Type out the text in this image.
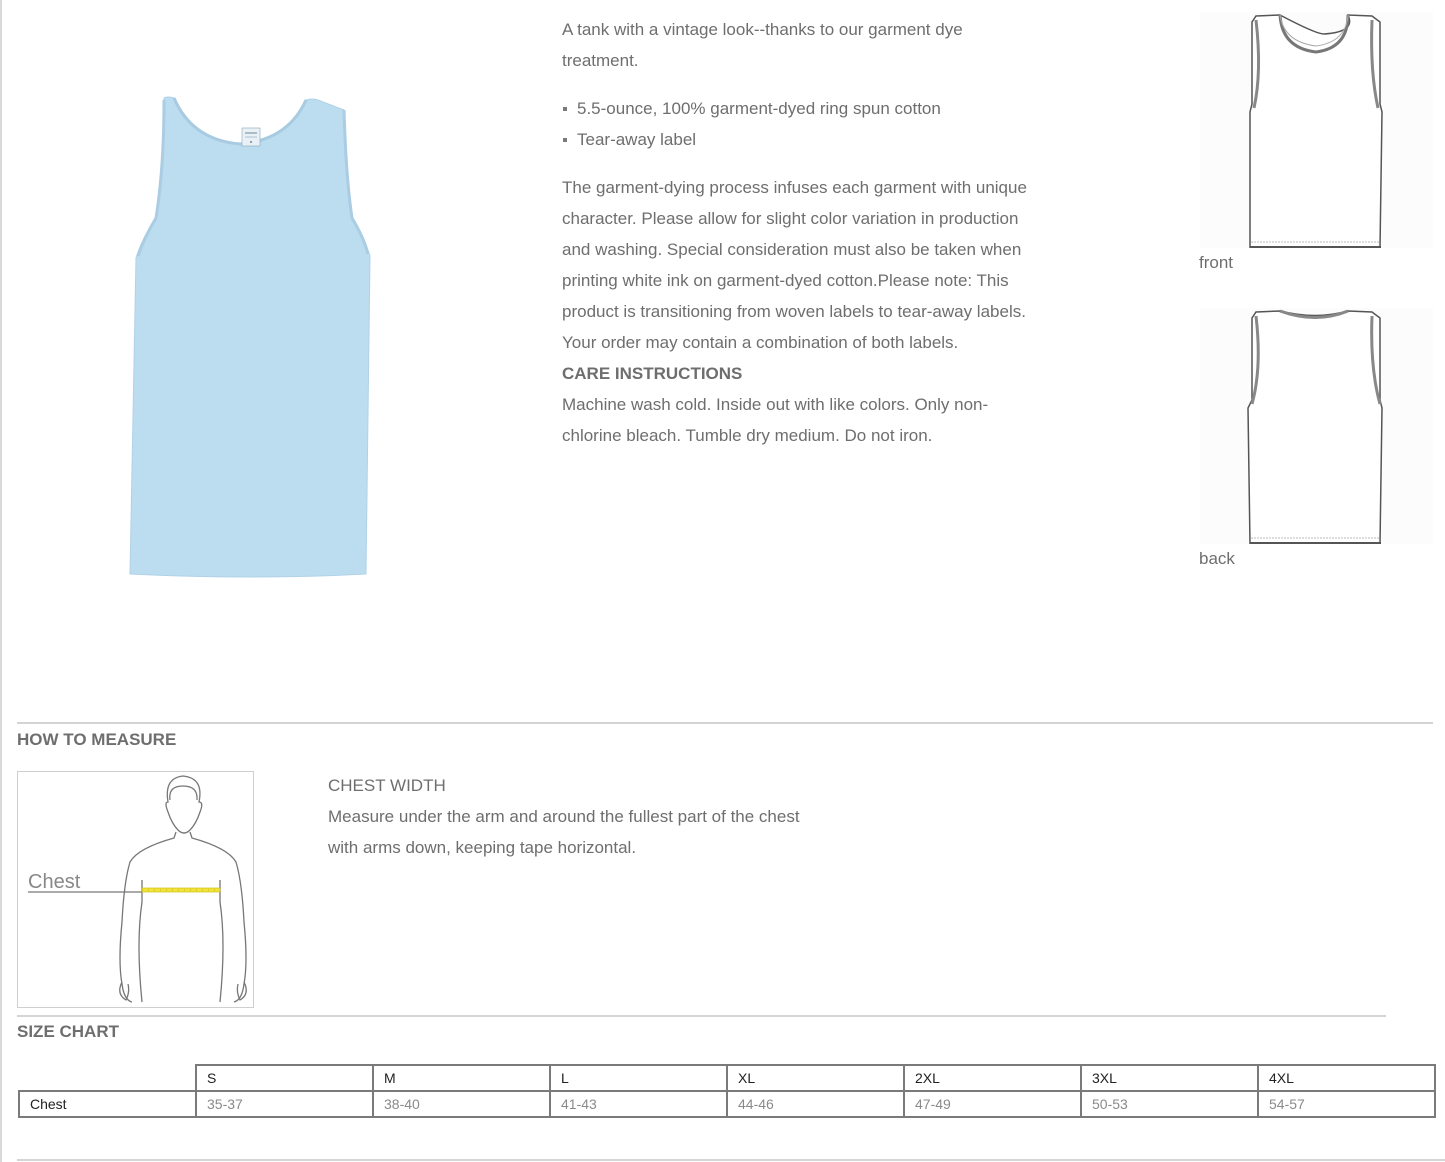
A tank with a vintage look--thanks to our garment dye treatment.

5.5-ounce, 100% garment-dyed ring spun cotton
Tear-away label

The garment-dying process infuses each garment with unique character. Please allow for slight color variation in production and washing. Special consideration must also be taken when printing white ink on garment-dyed cotton.Please note: This product is transitioning from woven labels to tear-away labels. Your order may contain a combination of both labels.

CARE INSTRUCTIONS

Machine wash cold. Inside out with like colors. Only non-chlorine bleach. Tumble dry medium. Do not iron.

front
back
HOW TO MEASURE
Chest

CHEST WIDTH

Measure under the arm and around the fullest part of the chest with arms down, keeping tape horizontal.

SIZE CHART
	S	M	L	XL	2XL	3XL	4XL
Chest	35-37	38-40	41-43	44-46	47-49	50-53	54-57
